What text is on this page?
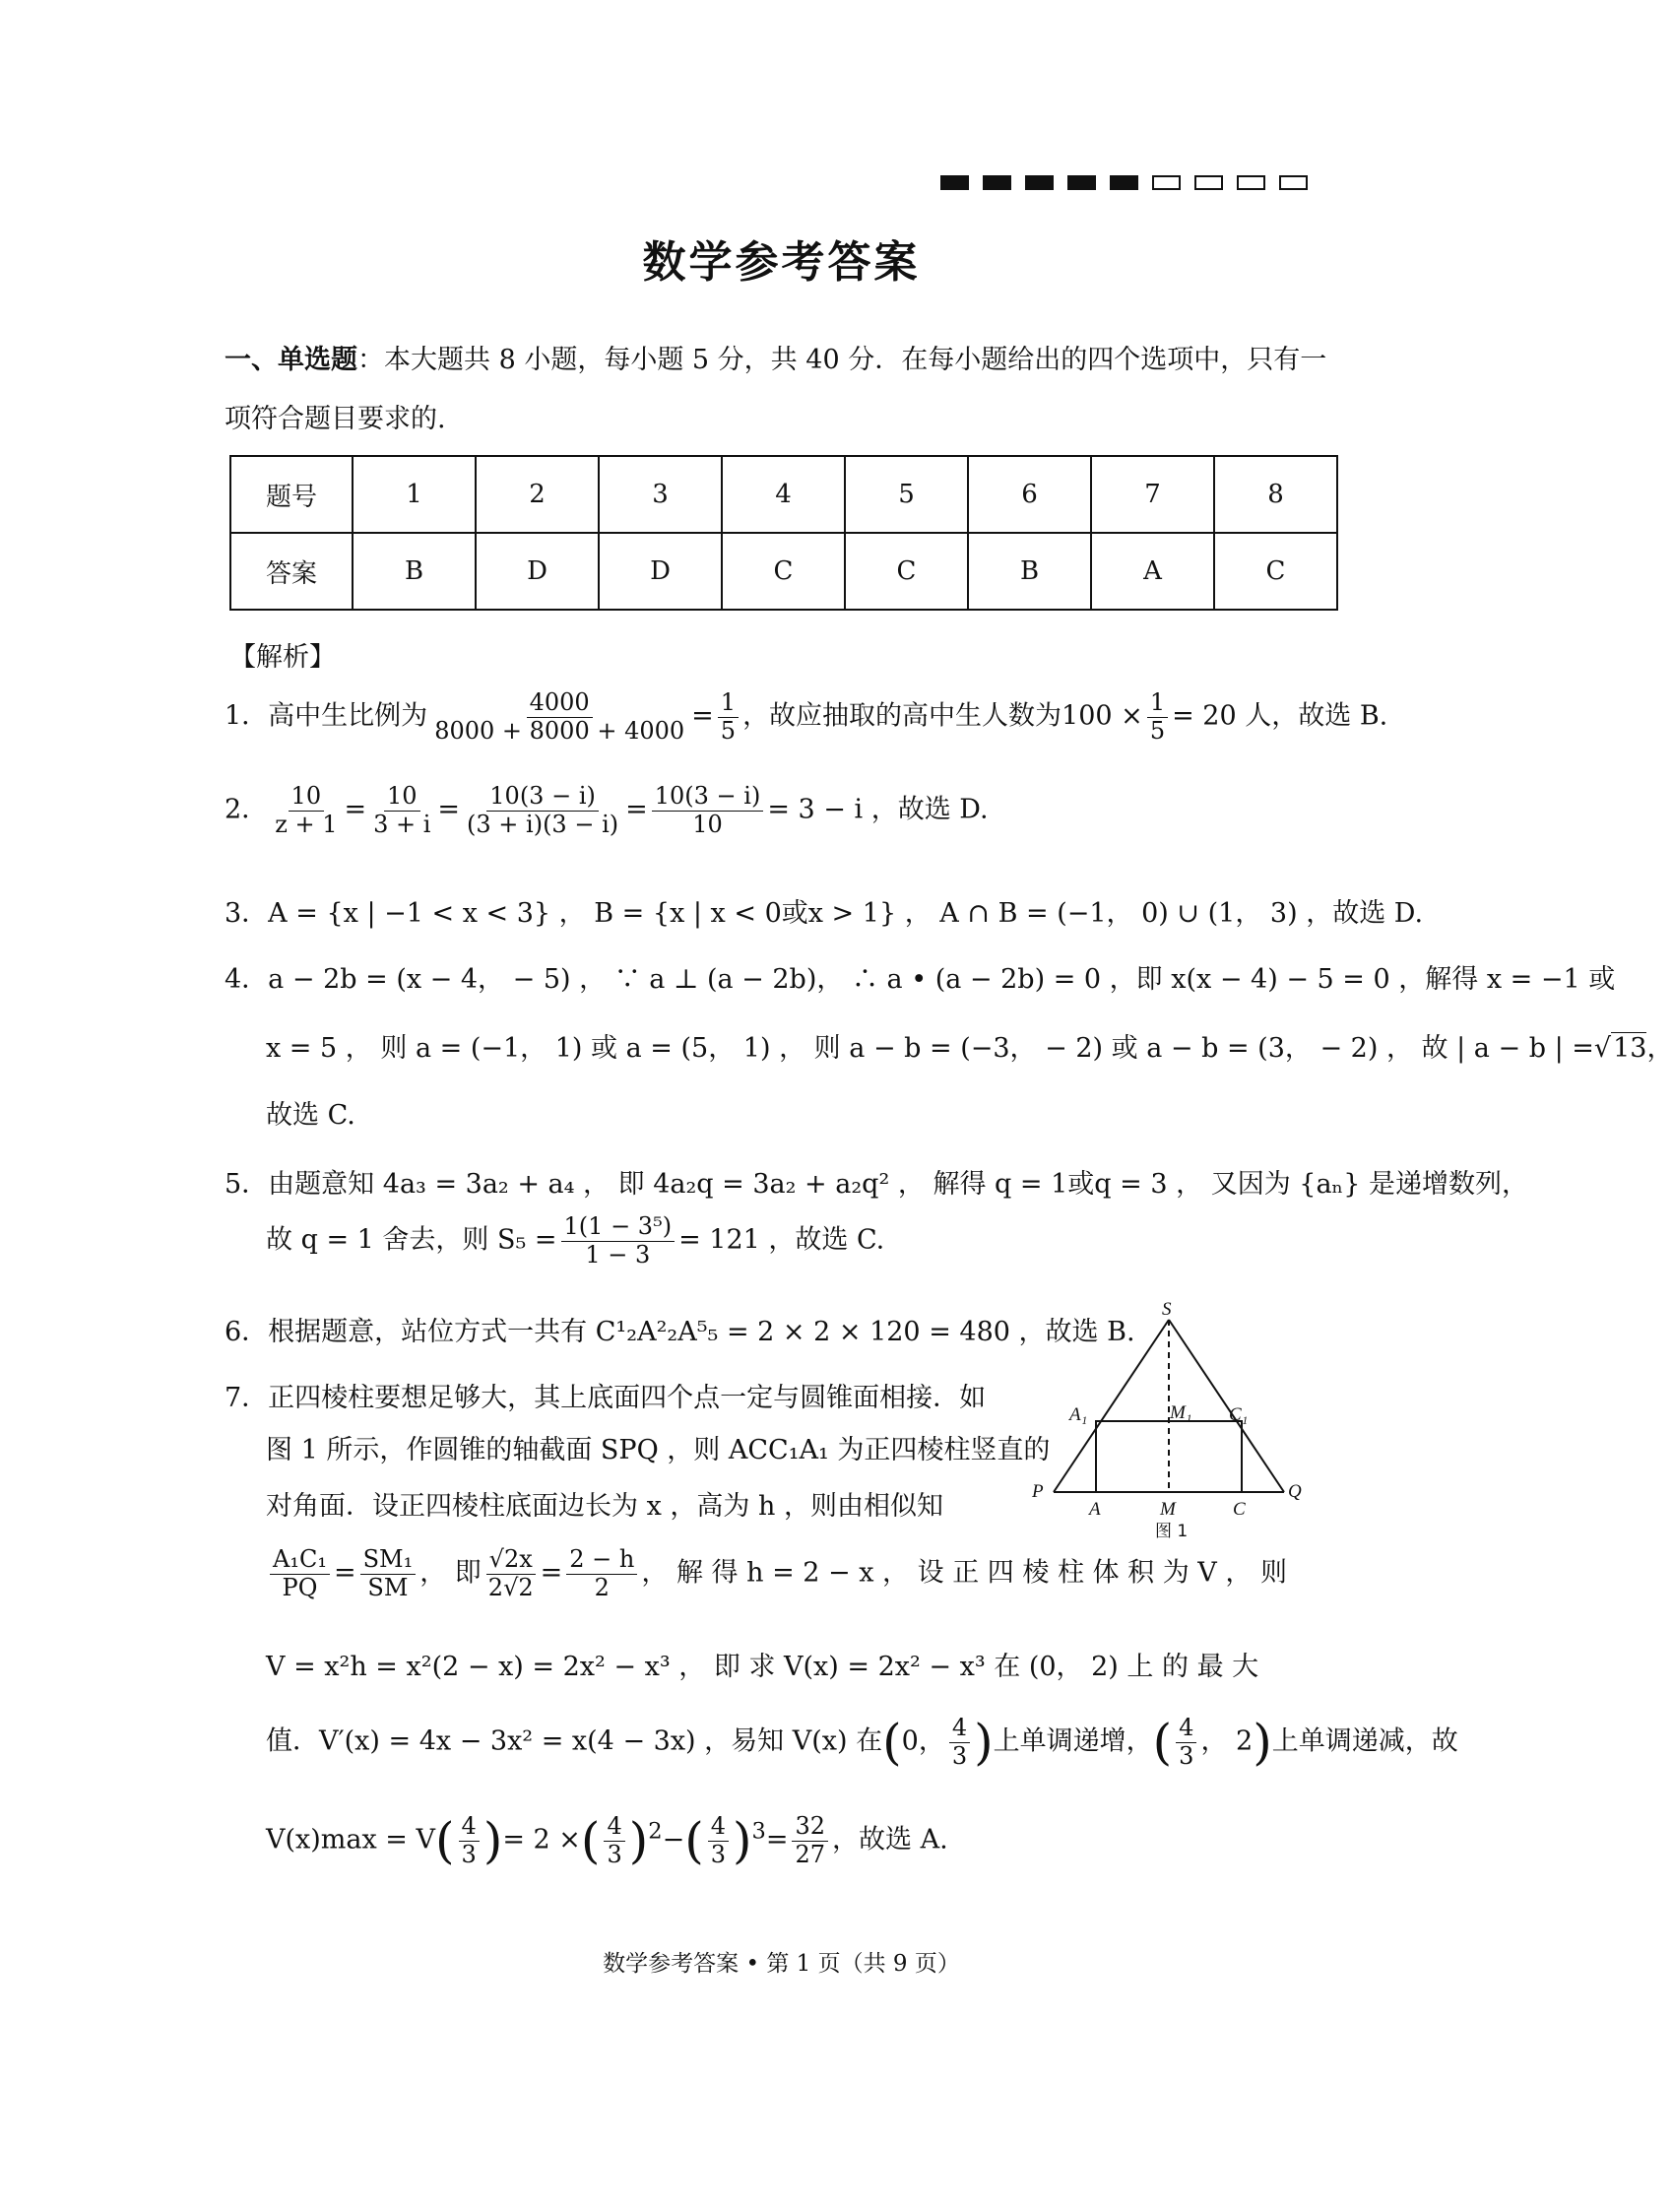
数学参考答案
一、单选题：本大题共 8 小题，每小题 5 分，共 40 分．在每小题给出的四个选项中，只有一
项符合题目要求的.
题号	1	2	3	4	5	6	7	8
答案	B	D	D	C	C	B	A	C
【解析】
1．高中生比例为 $\frac{4000}{8000 + 8000 + 4000} = \frac{1}{5}$ ，故应抽取的高中生人数为$100 \times \frac{1}{5} = 20$ 人，故选 B.
2． $\frac{10}{z + 1} = \frac{10}{3 + i} = \frac{10(3 - i)}{(3 + i)(3 - i)} = \frac{10(3 - i)}{10} = 3 - i$ ，故选 D.
3．A = {x | −1 < x < 3} ， B = {x | x < 0或x > 1} ， A ∩ B = (−1， 0) ∪ (1， 3) ，故选 D.
4．a − 2b = (x − 4， − 5) ， ∵ a ⊥ (a − 2b)， ∴ a • (a − 2b) = 0 ，即 x(x − 4) − 5 = 0 ，解得 x = −1 或
x = 5 ， 则 a = (−1， 1) 或 a = (5， 1) ， 则 a − b = (−3， − 2) 或 a − b = (3， − 2) ， 故 | a − b | =√13，
故选 C.
5．由题意知 4a₃ = 3a₂ + a₄ ， 即 4a₂q = 3a₂ + a₂q² ， 解得 q = 1或q = 3 ， 又因为 {aₙ} 是递增数列，
故 q = 1 舍去，则 $S_5 = \frac{\text{1(1 − 3⁵)}}{1 - 3} = 121$ ，故选 C.
6．根据题意，站位方式一共有 C¹₂A²₂A⁵₅ = 2 × 2 × 120 = 480 ，故选 B.
7．正四棱柱要想足够大，其上底面四个点一定与圆锥面相接．如
图 1 所示，作圆锥的轴截面 SPQ ，则 ACC₁A₁ 为正四棱柱竖直的
对角面．设正四棱柱底面边长为 x ，高为 h ，则由相似知
$\frac{\text{A₁C₁}}{PQ} = \frac{\text{SM₁}}{SM}$ ， 即 $\frac{√2x}{2√2} = \frac{2 - h}{2}$ ， 解 得 h = 2 − x ， 设 正 四 棱 柱 体 积 为 V ， 则
V = x²h = x²(2 − x) = 2x² − x³ ， 即 求 V(x) = 2x² − x³ 在 (0， 2) 上 的 最 大
值．V′(x) = 4x − 3x² = x(4 − 3x) ，易知 V(x) 在(0， $\frac{4}{3}$ )上单调递增，( $\frac{4}{3}$ ， 2)上单调递减，故
$V(x)\max = V( \frac{4}{3}$ )= 2 ×( $\frac{4}{3} )^2-( \frac{4}{3} )^3= \frac{32}{27}$ ，故选 A.
S
A₁	M₁ C₁
P
A	M	C
Q
图 1
数学参考答案 • 第 1 页（共 9 页）
